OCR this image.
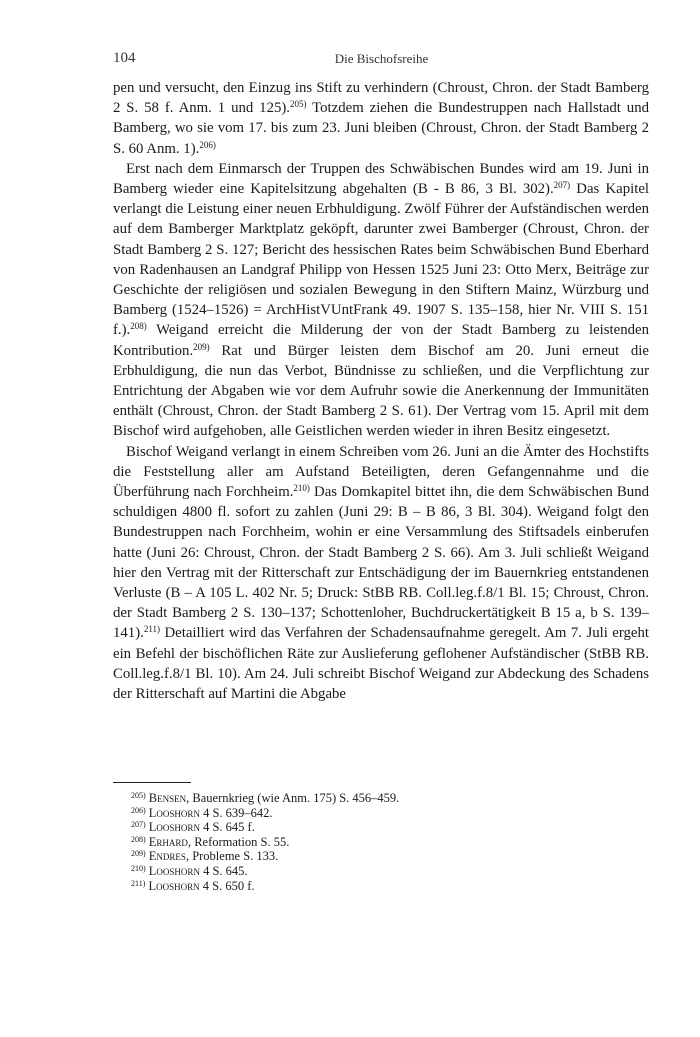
104	Die Bischofsreihe

pen und versucht, den Einzug ins Stift zu verhindern (Chroust, Chron. der Stadt Bamberg 2 S. 58 f. Anm. 1 und 125).$^{205)}$ Totzdem ziehen die Bundestruppen nach Hallstadt und Bamberg, wo sie vom 17. bis zum 23. Juni bleiben (Chroust, Chron. der Stadt Bamberg 2 S. 60 Anm. 1).$^{206)}$

Erst nach dem Einmarsch der Truppen des Schwäbischen Bundes wird am 19. Juni in Bamberg wieder eine Kapitelsitzung abgehalten (B - B 86, 3 Bl. 302).$^{207)}$ Das Kapitel verlangt die Leistung einer neuen Erbhuldigung. Zwölf Führer der Aufständischen werden auf dem Bamberger Marktplatz geköpft, darunter zwei Bamberger (Chroust, Chron. der Stadt Bamberg 2 S. 127; Bericht des hessischen Rates beim Schwäbischen Bund Eberhard von Radenhausen an Landgraf Philipp von Hessen 1525 Juni 23: Otto Merx, Beiträge zur Geschichte der religiösen und sozialen Bewegung in den Stiftern Mainz, Würzburg und Bamberg (1524–1526) = ArchHistVUntFrank 49. 1907 S. 135–158, hier Nr. VIII S. 151 f.).$^{208)}$ Weigand erreicht die Milderung der von der Stadt Bamberg zu leistenden Kontribution.$^{209)}$ Rat und Bürger leisten dem Bischof am 20. Juni erneut die Erbhuldigung, die nun das Verbot, Bündnisse zu schließen, und die Verpflichtung zur Entrichtung der Abgaben wie vor dem Aufruhr sowie die Anerkennung der Immunitäten enthält (Chroust, Chron. der Stadt Bamberg 2 S. 61). Der Vertrag vom 15. April mit dem Bischof wird aufgehoben, alle Geistlichen werden wieder in ihren Besitz eingesetzt.

Bischof Weigand verlangt in einem Schreiben vom 26. Juni an die Ämter des Hochstifts die Feststellung aller am Aufstand Beteiligten, deren Gefangennahme und die Überführung nach Forchheim.$^{210)}$ Das Domkapitel bittet ihn, die dem Schwäbischen Bund schuldigen 4800 fl. sofort zu zahlen (Juni 29: B – B 86, 3 Bl. 304). Weigand folgt den Bundestruppen nach Forchheim, wohin er eine Versammlung des Stiftsadels einberufen hatte (Juni 26: Chroust, Chron. der Stadt Bamberg 2 S. 66). Am 3. Juli schließt Weigand hier den Vertrag mit der Ritterschaft zur Entschädigung der im Bauernkrieg entstandenen Verluste (B – A 105 L. 402 Nr. 5; Druck: StBB RB. Coll.leg.f.8/1 Bl. 15; Chroust, Chron. der Stadt Bamberg 2 S. 130–137; Schottenloher, Buchdruckertätigkeit B 15 a, b S. 139–141).$^{211)}$ Detailliert wird das Verfahren der Schadensaufnahme geregelt. Am 7. Juli ergeht ein Befehl der bischöflichen Räte zur Auslieferung geflohener Aufständischer (StBB RB. Coll.leg.f.8/1 Bl. 10). Am 24. Juli schreibt Bischof Weigand zur Abdeckung des Schadens der Ritterschaft auf Martini die Abgabe

$^{205)}$ Bensen, Bauernkrieg (wie Anm. 175) S. 456–459.
$^{206)}$ Looshorn 4 S. 639–642.
$^{207)}$ Looshorn 4 S. 645 f.
$^{208)}$ Erhard, Reformation S. 55.
$^{209)}$ Endres, Probleme S. 133.
$^{210)}$ Looshorn 4 S. 645.
$^{211)}$ Looshorn 4 S. 650 f.
